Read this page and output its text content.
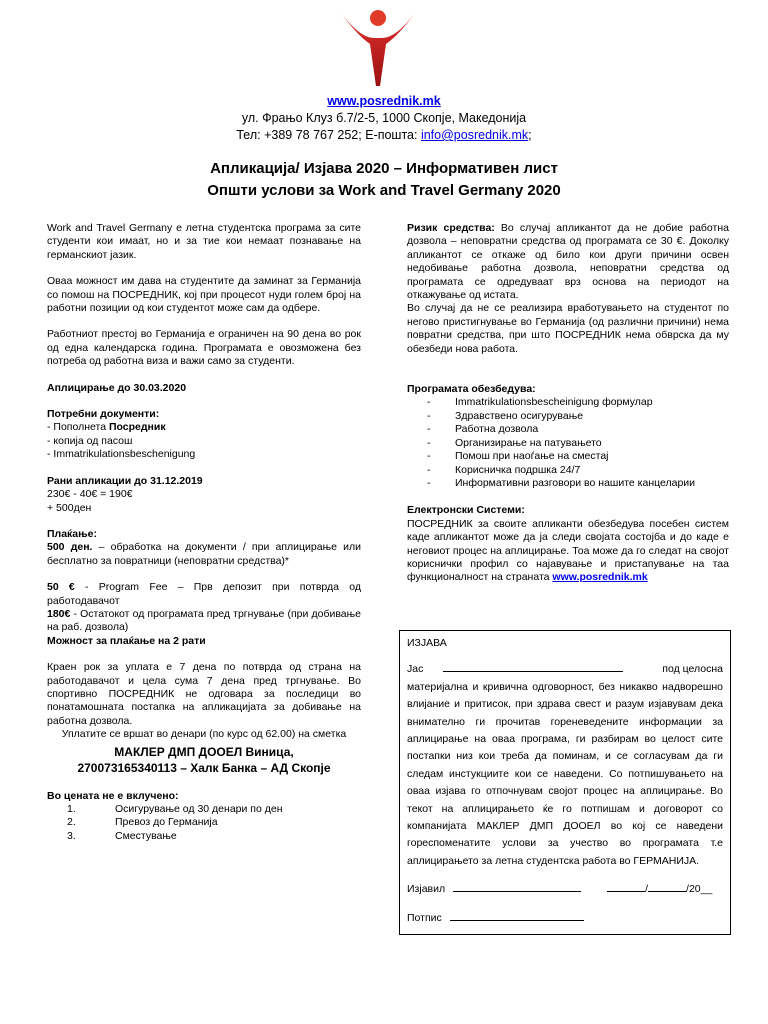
www.posrednik.mk
ул. Фрањо Клуз б.7/2-5, 1000 Скопје, Македонија
Тел: +389 78 767 252; Е-пошта: info@posrednik.mk;
Апликација/ Изјава 2020 – Информативен лист
Општи услови за Work and Travel Germany 2020

Work and Travel Germany е летна студентска програма за сите студенти кои имаат, но и за тие кои немаат познавање на германскиот јазик.

Оваа можност им дава на студентите да заминат за Германија со помош на ПОСРЕДНИК, кој при процесот нуди голем број на работни позиции од кои студентот може сам да одбере.

Работниот престој во Германија е ограничен на 90 дена во рок од една календарска година. Програмата е овозможена без потреба од работна виза и важи само за студенти.

Аплицирање до 30.03.2020

Потребни документи:

- Пополнета Посредник

- копија од пасош

- Immatrikulationsbeschenigung

Рани апликации до 31.12.2019

230€ - 40€ = 190€

+ 500ден

Плаќање:

500 ден. – обработка на документи / при аплицирање или бесплатно за повратници (неповратни средства)*

50 € - Program Fee – Прв депозит при потврда од работодавачот

180€ - Остатокот од програмата пред тргнување (при добивање на раб. дозвола)

Можност за плаќање на 2 рати

Краен рок за уплата е 7 дена по потврда од страна на работодавачот и цела сума 7 дена пред тргнување. Во спортивно ПОСРЕДНИК не одговара за последици во понатамошната постапка на апликацијата за добивање на работна дозвола.

Уплатите се вршат во денари (по курс од 62.00) на сметка

МАКЛЕР ДМП ДООЕЛ Виница,

270073165340113 – Халк Банка – АД Скопје

Во цената не е вклучено:

1.	Осигурување од 30 денари по ден
2.	Превоз до Германија
3.	Сместување

Ризик средства: Во случај апликантот да не добие работна дозвола – неповратни средства од програмата се 30 €. Доколку апликантот се откаже од било кои други причини освен недобивање работна дозвола, неповратни средства од програмата се одредуваат врз основа на периодот на откажување од истата.

Во случај да не се реализира вработувањето на студентот по негово пристигнување во Германија (од различни причини) нема повратни средства, при што ПОСРЕДНИК нема обврска да му обезбеди нова работа.

Програмата обезбедува:

-	Immatrikulationsbescheinigung формулар
-	Здравствено осигурување
-	Работна дозвола
-	Организирање на патувањето
-	Помош при наоѓање на сместај
-	Корисничка подршка 24/7
-	Информативни разговори во нашите канцеларии

Електронски Системи:

ПОСРЕДНИК за своите апликанти обезбедува посебен систем каде апликантот може да ја следи својата состојба и до каде е неговиот процес на аплицирање. Тоа може да го следат на својот кориснички профил со најавување и пристапување на таа функционалност на страната www.posrednik.mk

ИЗЈАВА
Јас	под целосна
материјална и кривична одговорност, без никакво надворешно влијание и притисок, при здрава свест и разум изјавувам дека внимателно ги прочитав гореневедените информации за аплицирање на оваа програма, ги разбирам во целост сите постапки низ кои треба да поминам, и се согласувам да ги следам инстукциите кои се наведени. Со потпишувањето на оваа изјава го отпочнувам својот процес на аплицирање. Во текот на аплицирањето ќе го потпишам и договорот со компанијата МАКЛЕР ДМП ДООЕЛ во кој се наведени гореспоменатите услови за учество во програмата т.е аплицирањето за летна студентска работа во ГЕРМАНИЈА.
Изјавил	/	/20__
Потпис
